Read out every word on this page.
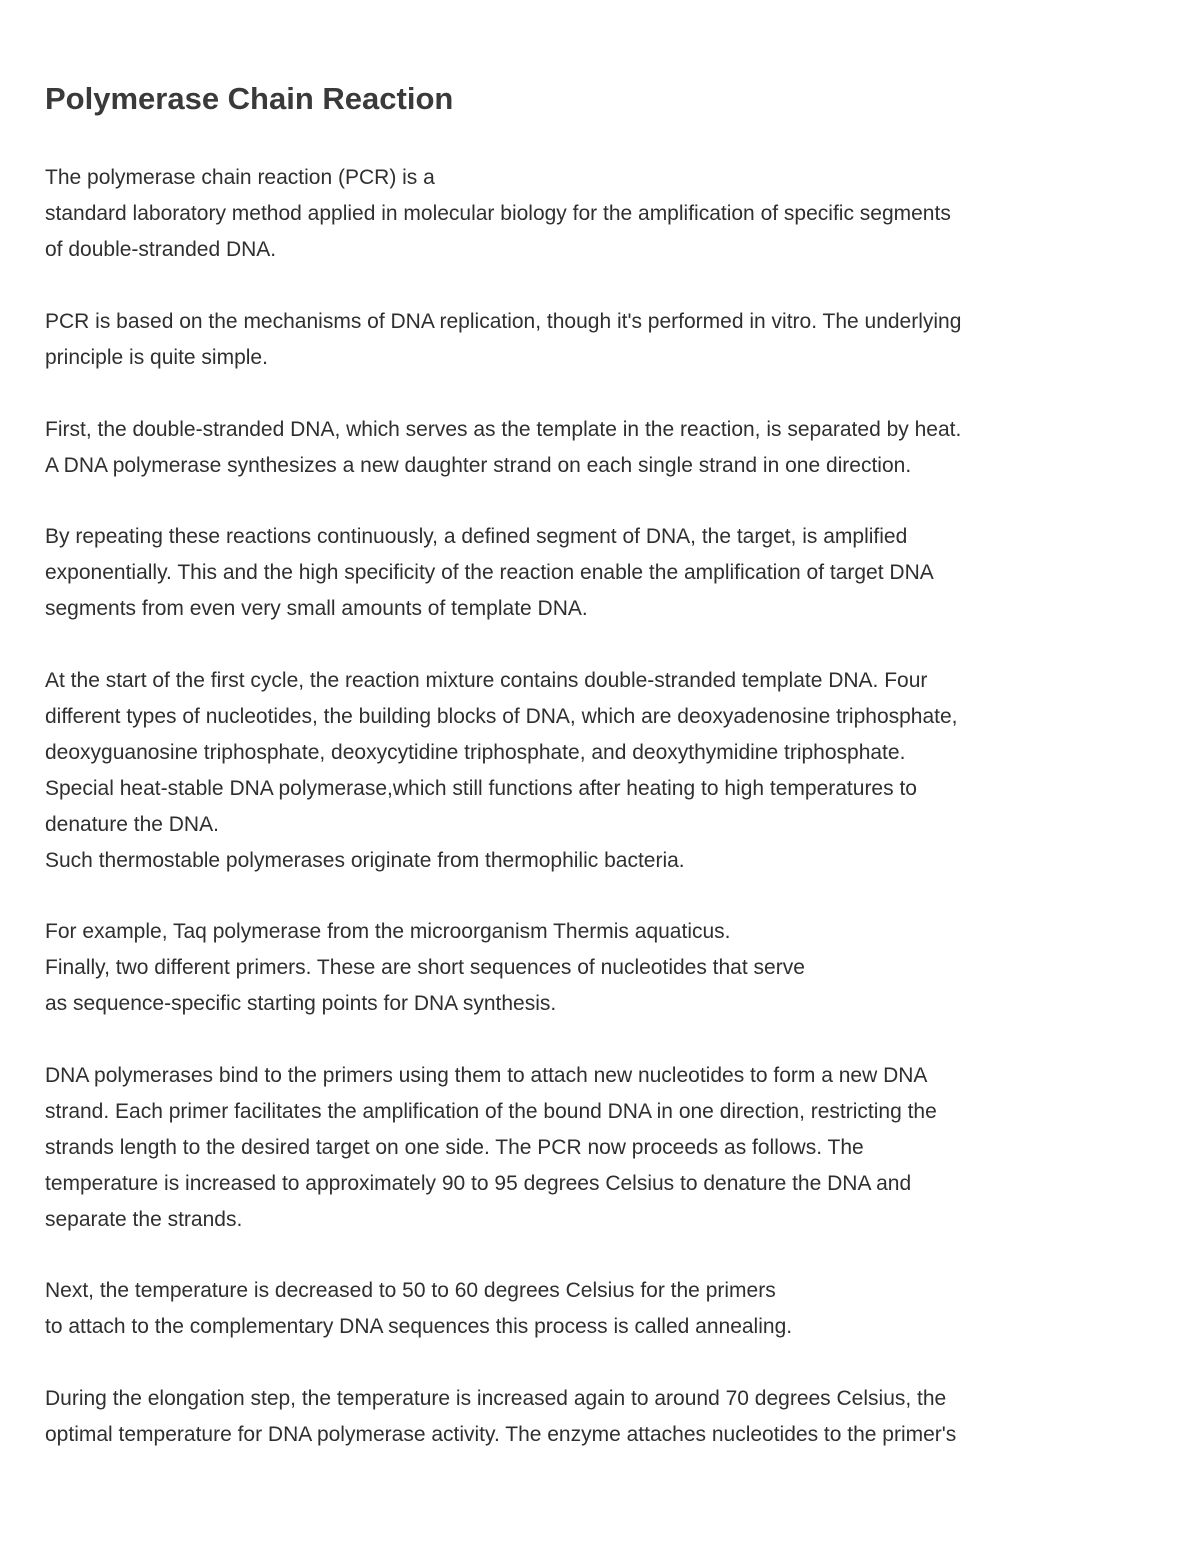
Polymerase Chain Reaction

The polymerase chain reaction (PCR) is a
standard laboratory method applied in molecular biology for the amplification of specific segments
of double-stranded DNA.

PCR is based on the mechanisms of DNA replication, though it's performed in vitro. The underlying
principle is quite simple.

First, the double-stranded DNA, which serves as the template in the reaction, is separated by heat.
A DNA polymerase synthesizes a new daughter strand on each single strand in one direction.

By repeating these reactions continuously, a defined segment of DNA, the target, is amplified
exponentially. This and the high specificity of the reaction enable the amplification of target DNA
segments from even very small amounts of template DNA.

At the start of the first cycle, the reaction mixture contains double-stranded template DNA. Four
different types of nucleotides, the building blocks of DNA, which are deoxyadenosine triphosphate,
deoxyguanosine triphosphate, deoxycytidine triphosphate, and deoxythymidine triphosphate.
Special heat-stable DNA polymerase,which still functions after heating to high temperatures to
denature the DNA.
Such thermostable polymerases originate from thermophilic bacteria.

For example, Taq polymerase from the microorganism Thermis aquaticus.
Finally, two different primers. These are short sequences of nucleotides that serve
as sequence-specific starting points for DNA synthesis.

DNA polymerases bind to the primers using them to attach new nucleotides to form a new DNA
strand. Each primer facilitates the amplification of the bound DNA in one direction, restricting the
strands length to the desired target on one side. The PCR now proceeds as follows. The
temperature is increased to approximately 90 to 95 degrees Celsius to denature the DNA and
separate the strands.

Next, the temperature is decreased to 50 to 60 degrees Celsius for the primers
to attach to the complementary DNA sequences this process is called annealing.

During the elongation step, the temperature is increased again to around 70 degrees Celsius, the
optimal temperature for DNA polymerase activity. The enzyme attaches nucleotides to the primer's
